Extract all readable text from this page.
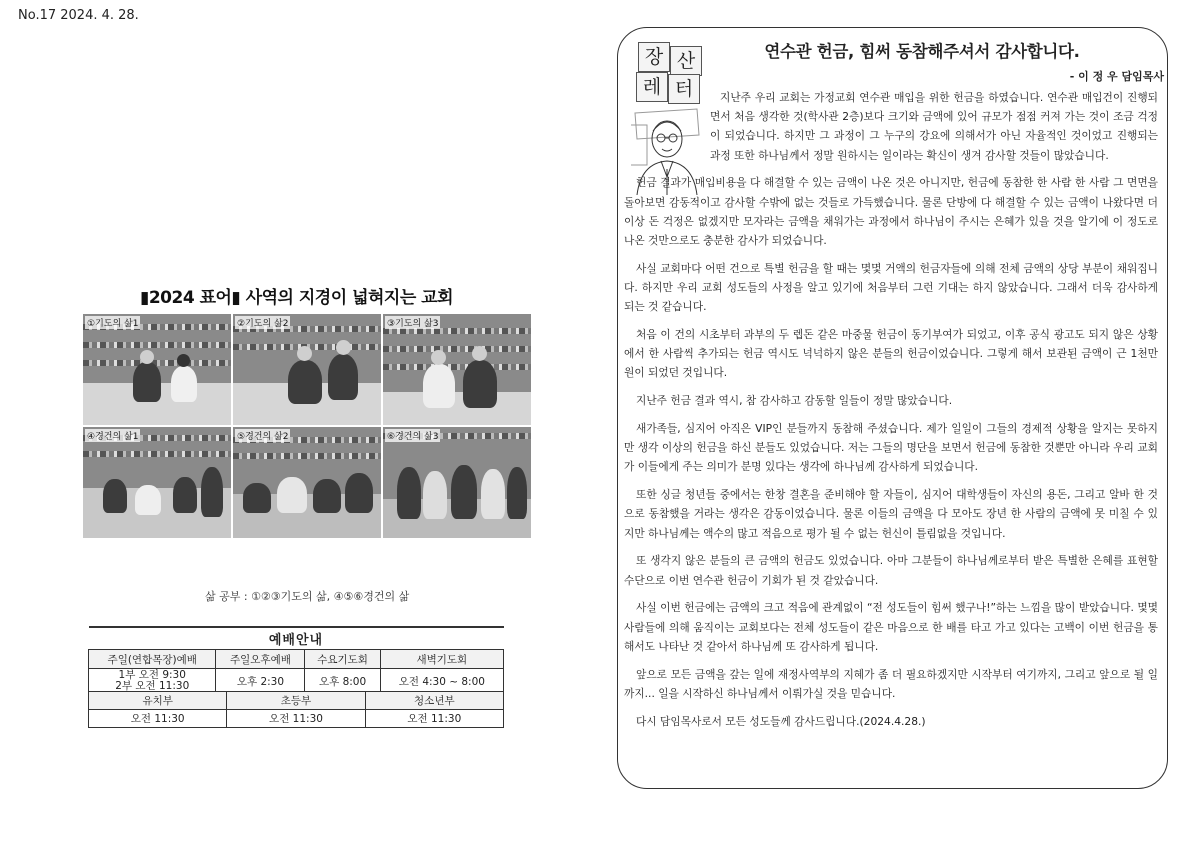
No.17 2024. 4. 28.
▮2024 표어▮ 사역의 지경이 넓혀지는 교회
①기도의 삶1	②기도의 삶2	③기도의 삶3
④경건의 삶1	⑤경건의 삶2	⑥경건의 삶3
삶 공부 : ①②③기도의 삶, ④⑤⑥경건의 삶
예배안내			
주일(연합목장)예배	주일오후예배	수요기도회	새벽기도회

1부 오전 9:30
2부 오전 11:30	오후 2:30	오후 8:00	오전 4:30 ~ 8:00
유치부	초등부	청소년부
오전 11:30	오전 11:30	오전 11:30
장 산
레 터
연수관 헌금, 힘써 동참해주셔서 감사합니다.
- 이 정 우 담임목사

지난주 우리 교회는 가정교회 연수관 매입을 위한 헌금을 하였습니다. 연수관 매입건이 진행되면서 처음 생각한 것(학사관 2층)보다 크기와 금액에 있어 규모가 점점 커져 가는 것이 조금 걱정이 되었습니다. 하지만 그 과정이 그 누구의 강요에 의해서가 아닌 자율적인 것이었고 진행되는 과정 또한 하나님께서 정말 원하시는 일이라는 확신이 생겨 감사할 것들이 많았습니다.

헌금 결과가 매입비용을 다 해결할 수 있는 금액이 나온 것은 아니지만, 헌금에 동참한 한 사람 한 사람 그 면면을 돌아보면 감동적이고 감사할 수밖에 없는 것들로 가득했습니다. 물론 단방에 다 해결할 수 있는 금액이 나왔다면 더 이상 돈 걱정은 없겠지만 모자라는 금액을 채워가는 과정에서 하나님이 주시는 은혜가 있을 것을 알기에 이 정도로 나온 것만으로도 충분한 감사가 되었습니다.

사실 교회마다 어떤 건으로 특별 헌금을 할 때는 몇몇 거액의 헌금자들에 의해 전체 금액의 상당 부분이 채워집니다. 하지만 우리 교회 성도들의 사정을 알고 있기에 처음부터 그런 기대는 하지 않았습니다. 그래서 더욱 감사하게 되는 것 같습니다.

처음 이 건의 시초부터 과부의 두 렙돈 같은 마중물 헌금이 동기부여가 되었고, 이후 공식 광고도 되지 않은 상황에서 한 사람씩 추가되는 헌금 역시도 넉넉하지 않은 분들의 헌금이었습니다. 그렇게 해서 보관된 금액이 근 1천만 원이 되었던 것입니다.

지난주 헌금 결과 역시, 참 감사하고 감동할 일들이 정말 많았습니다.

새가족들, 심지어 아직은 VIP인 분들까지 동참해 주셨습니다. 제가 일일이 그들의 경제적 상황을 알지는 못하지만 생각 이상의 헌금을 하신 분들도 있었습니다. 저는 그들의 명단을 보면서 헌금에 동참한 것뿐만 아니라 우리 교회가 이들에게 주는 의미가 분명 있다는 생각에 하나님께 감사하게 되었습니다.

또한 싱글 청년들 중에서는 한창 결혼을 준비해야 할 자들이, 심지어 대학생들이 자신의 용돈, 그리고 알바 한 것으로 동참했을 거라는 생각은 감동이었습니다. 물론 이들의 금액을 다 모아도 장년 한 사람의 금액에 못 미칠 수 있지만 하나님께는 액수의 많고 적음으로 평가 될 수 없는 헌신이 틀림없을 것입니다.

또 생각지 않은 분들의 큰 금액의 헌금도 있었습니다. 아마 그분들이 하나님께로부터 받은 특별한 은혜를 표현할 수단으로 이번 연수관 헌금이 기회가 된 것 같았습니다.

사실 이번 헌금에는 금액의 크고 적음에 관계없이 “전 성도들이 힘써 했구나!”하는 느낌을 많이 받았습니다. 몇몇 사람들에 의해 움직이는 교회보다는 전체 성도들이 같은 마음으로 한 배를 타고 가고 있다는 고백이 이번 헌금을 통해서도 나타난 것 같아서 하나님께 또 감사하게 됩니다.

앞으로 모든 금액을 갚는 일에 재정사역부의 지혜가 좀 더 필요하겠지만 시작부터 여기까지, 그리고 앞으로 될 일까지... 일을 시작하신 하나님께서 이뤄가실 것을 믿습니다.

다시 담임목사로서 모든 성도들께 감사드립니다.(2024.4.28.)
